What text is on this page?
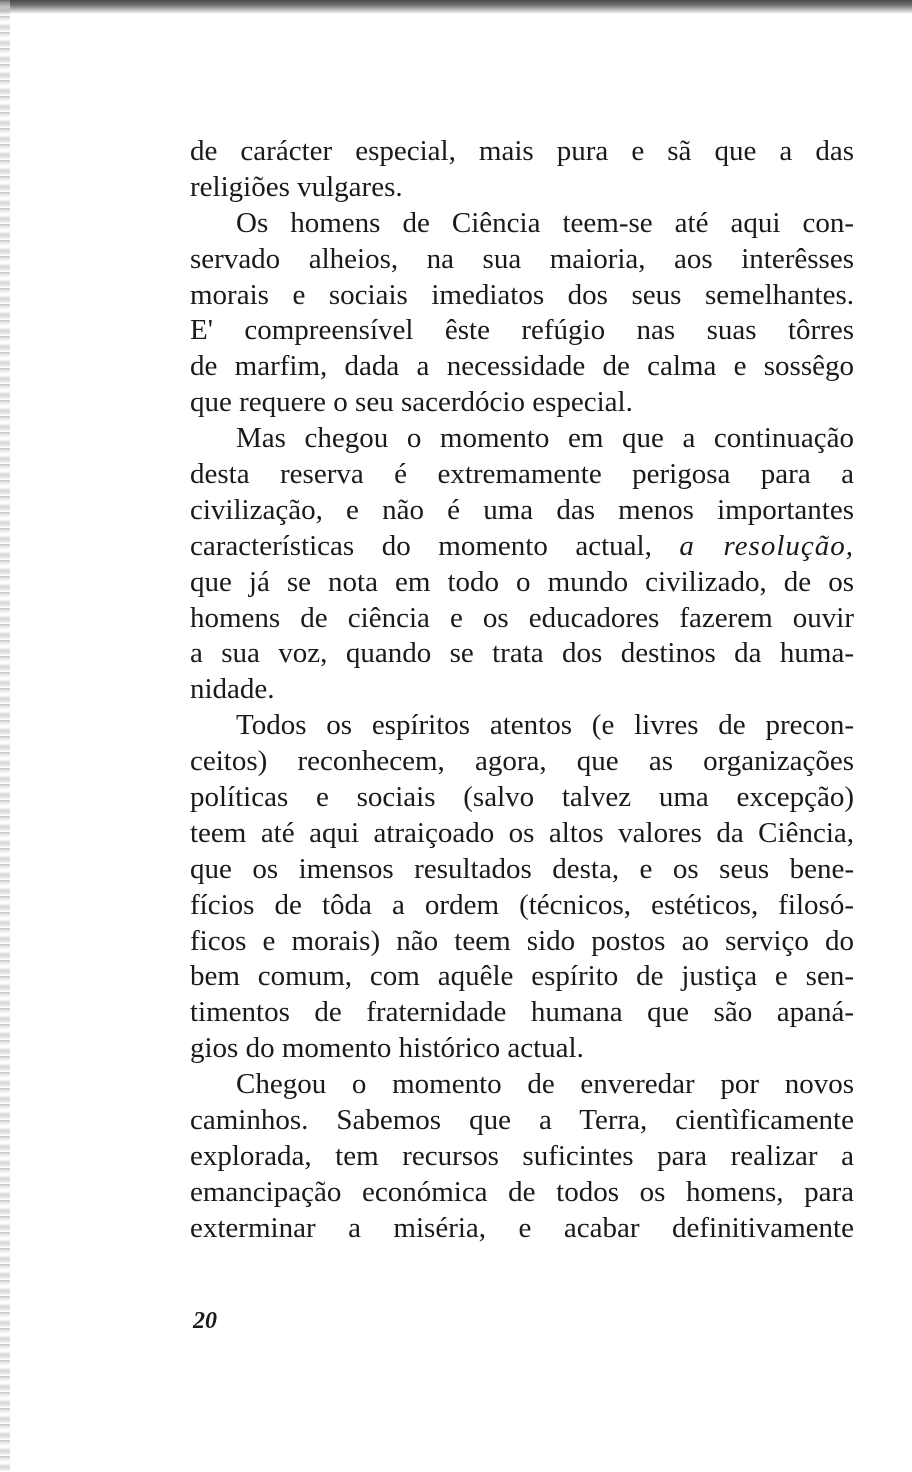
de carácter especial, mais pura e sã que a das
religiões vulgares.
Os homens de Ciência teem-se até aqui con-
servado alheios, na sua maioria, aos interêsses
morais e sociais imediatos dos seus semelhantes.
E' compreensível êste refúgio nas suas tôrres
de marfim, dada a necessidade de calma e sossêgo
que requere o seu sacerdócio especial.
Mas chegou o momento em que a continuação
desta reserva é extremamente perigosa para a
civilização, e não é uma das menos importantes
características do momento actual, a resolução,
que já se nota em todo o mundo civilizado, de os
homens de ciência e os educadores fazerem ouvir
a sua voz, quando se trata dos destinos da huma-
nidade.
Todos os espíritos atentos (e livres de precon-
ceitos) reconhecem, agora, que as organizações
políticas e sociais (salvo talvez uma excepção)
teem até aqui atraiçoado os altos valores da Ciência,
que os imensos resultados desta, e os seus bene-
fícios de tôda a ordem (técnicos, estéticos, filosó-
ficos e morais) não teem sido postos ao serviço do
bem comum, com aquêle espírito de justiça e sen-
timentos de fraternidade humana que são apaná-
gios do momento histórico actual.
Chegou o momento de enveredar por novos
caminhos. Sabemos que a Terra, cientìficamente
explorada, tem recursos suficintes para realizar a
emancipação económica de todos os homens, para
exterminar a miséria, e acabar definitivamente
20
